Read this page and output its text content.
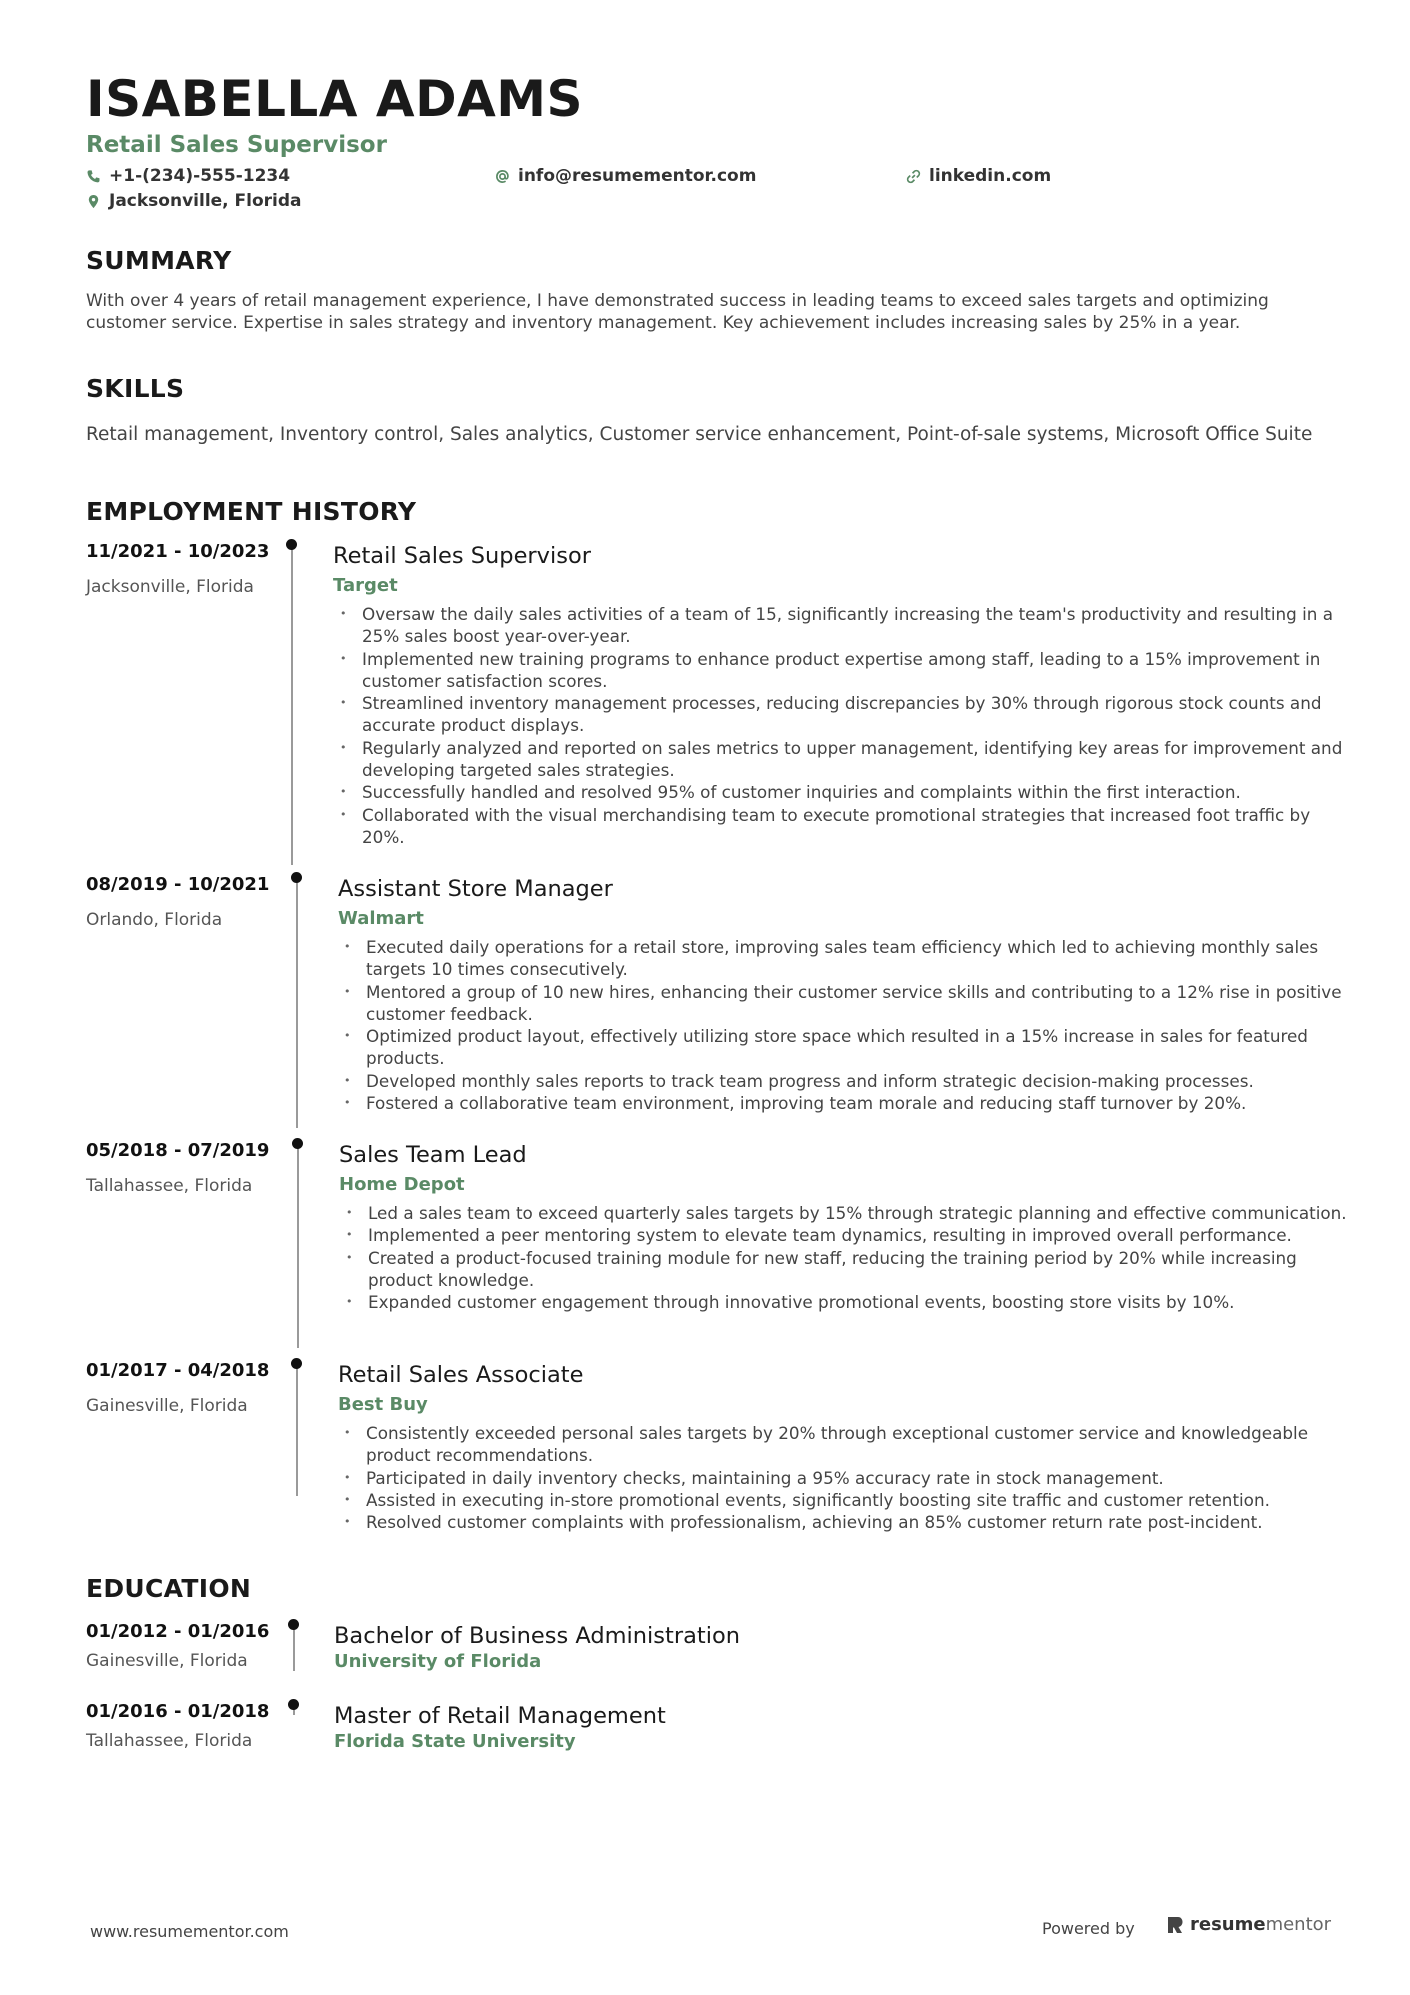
ISABELLA ADAMS
Retail Sales Supervisor
+1-(234)-555-1234	info@resumementor.com	linkedin.com
Jacksonville, Florida
SUMMARY
With over 4 years of retail management experience, I have demonstrated success in leading teams to exceed sales targets and optimizing customer service. Expertise in sales strategy and inventory management. Key achievement includes increasing sales by 25% in a year.
SKILLS
Retail management, Inventory control, Sales analytics, Customer service enhancement, Point-of-sale systems, Microsoft Office Suite
EMPLOYMENT HISTORY
11/2021 - 10/2023
Jacksonville, Florida
Retail Sales Supervisor
Target
• Oversaw the daily sales activities of a team of 15, significantly increasing the team's productivity and resulting in a 25% sales boost year-over-year.
• Implemented new training programs to enhance product expertise among staff, leading to a 15% improvement in customer satisfaction scores.
• Streamlined inventory management processes, reducing discrepancies by 30% through rigorous stock counts and accurate product displays.
• Regularly analyzed and reported on sales metrics to upper management, identifying key areas for improvement and developing targeted sales strategies.
• Successfully handled and resolved 95% of customer inquiries and complaints within the first interaction.
• Collaborated with the visual merchandising team to execute promotional strategies that increased foot traffic by 20%.
08/2019 - 10/2021
Orlando, Florida
Assistant Store Manager
Walmart
• Executed daily operations for a retail store, improving sales team efficiency which led to achieving monthly sales targets 10 times consecutively.
• Mentored a group of 10 new hires, enhancing their customer service skills and contributing to a 12% rise in positive customer feedback.
• Optimized product layout, effectively utilizing store space which resulted in a 15% increase in sales for featured products.
• Developed monthly sales reports to track team progress and inform strategic decision-making processes.
• Fostered a collaborative team environment, improving team morale and reducing staff turnover by 20%.
05/2018 - 07/2019
Tallahassee, Florida
Sales Team Lead
Home Depot
• Led a sales team to exceed quarterly sales targets by 15% through strategic planning and effective communication.
• Implemented a peer mentoring system to elevate team dynamics, resulting in improved overall performance.
• Created a product-focused training module for new staff, reducing the training period by 20% while increasing product knowledge.
• Expanded customer engagement through innovative promotional events, boosting store visits by 10%.
01/2017 - 04/2018
Gainesville, Florida
Retail Sales Associate
Best Buy
• Consistently exceeded personal sales targets by 20% through exceptional customer service and knowledgeable product recommendations.
• Participated in daily inventory checks, maintaining a 95% accuracy rate in stock management.
• Assisted in executing in-store promotional events, significantly boosting site traffic and customer retention.
• Resolved customer complaints with professionalism, achieving an 85% customer return rate post-incident.
EDUCATION
01/2012 - 01/2016
Gainesville, Florida
Bachelor of Business Administration
University of Florida
01/2016 - 01/2018
Tallahassee, Florida
Master of Retail Management
Florida State University
www.resumementor.com	Powered by	resumementor
